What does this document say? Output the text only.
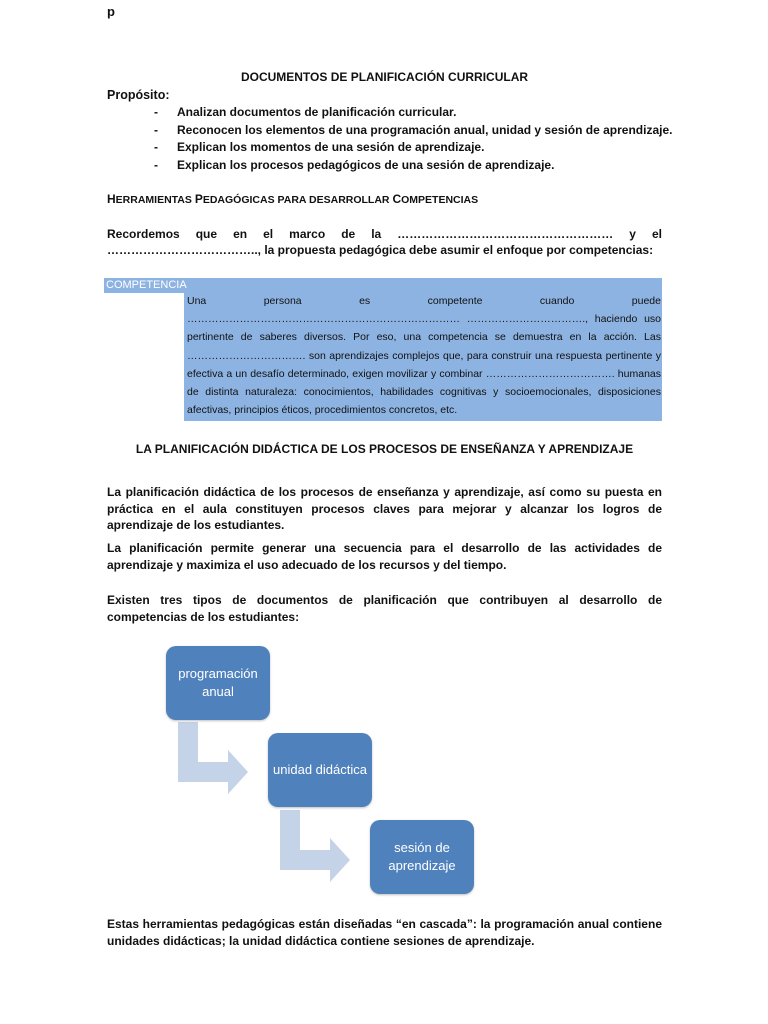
p
DOCUMENTOS DE PLANIFICACIÓN CURRICULAR
Propósito:
- Analizan documentos de planificación curricular.
- Reconocen los elementos de una programación anual, unidad y sesión de aprendizaje.
- Explican los momentos de una sesión de aprendizaje.
- Explican los procesos pedagógicos de una sesión de aprendizaje.
HERRAMIENTAS PEDAGÓGICAS PARA DESARROLLAR COMPETENCIAS
Recordemos que en el marco de la ……………………………………………… y el ……………………………….., la propuesta pedagógica debe asumir el enfoque por competencias:
COMPETENCIA
Una persona es competente cuando puede …………………………………………………………………… ……………………………., haciendo uso pertinente de saberes diversos. Por eso, una competencia se demuestra en la acción. Las ……………………………. son aprendizajes complejos que, para construir una respuesta pertinente y efectiva a un desafío determinado, exigen movilizar y combinar ………………………………. humanas de distinta naturaleza: conocimientos, habilidades cognitivas y socioemocionales, disposiciones afectivas, principios éticos, procedimientos concretos, etc.
LA PLANIFICACIÓN DIDÁCTICA DE LOS PROCESOS DE ENSEÑANZA Y APRENDIZAJE
La planificación didáctica de los procesos de enseñanza y aprendizaje, así como su puesta en práctica en el aula constituyen procesos claves para mejorar y alcanzar los logros de aprendizaje de los estudiantes.
La planificación permite generar una secuencia para el desarrollo de las actividades de aprendizaje y maximiza el uso adecuado de los recursos y del tiempo.
Existen tres tipos de documentos de planificación que contribuyen al desarrollo de competencias de los estudiantes:
programación anual
unidad didáctica
sesión de aprendizaje
Estas herramientas pedagógicas están diseñadas “en cascada”: la programación anual contiene unidades didácticas; la unidad didáctica contiene sesiones de aprendizaje.
